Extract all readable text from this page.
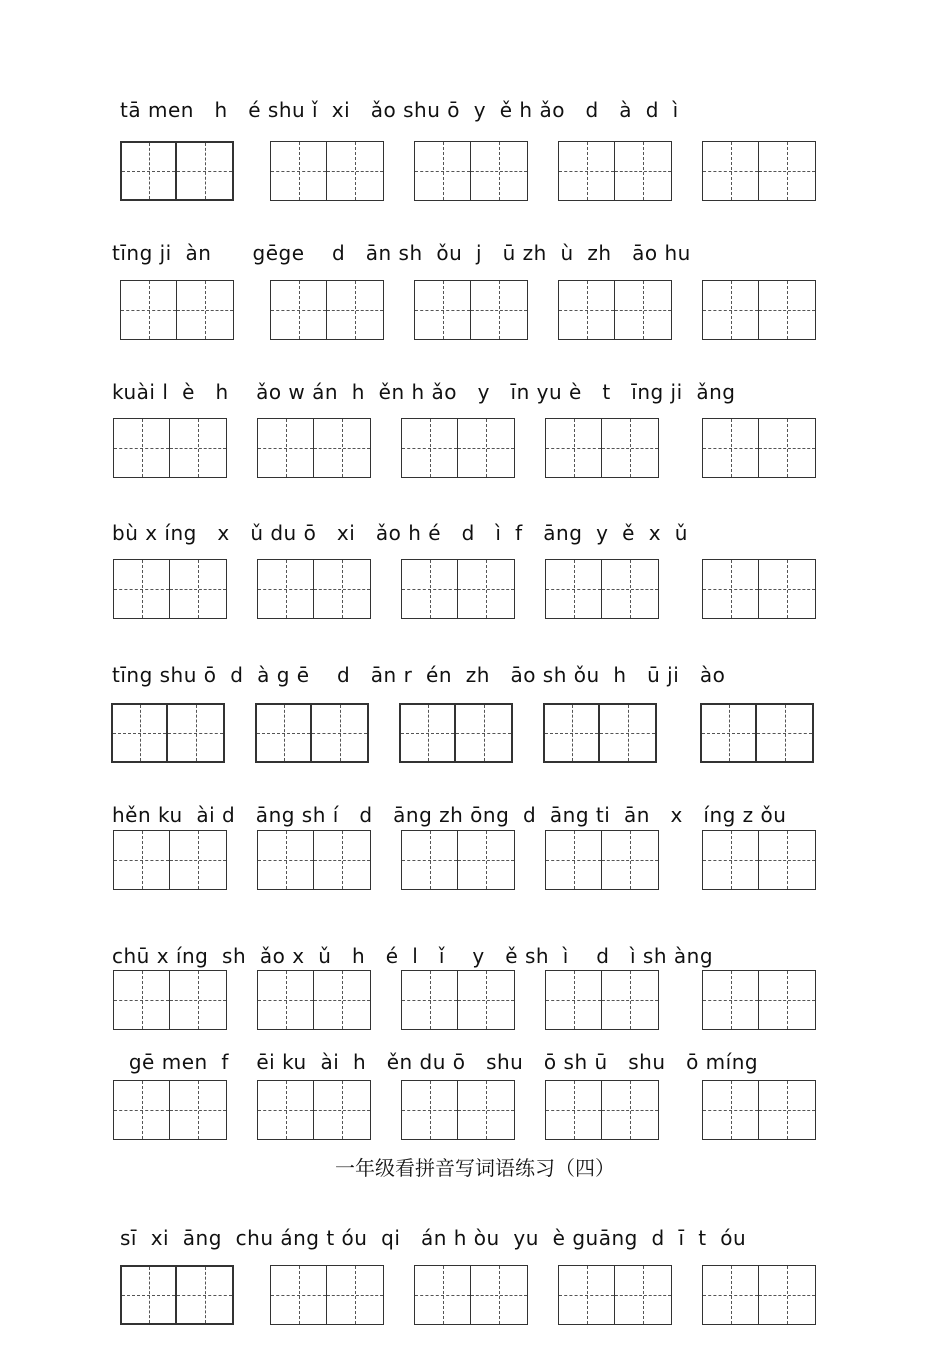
tā men   h   é shu ǐ  xi   ǎo shu ō  y  ě h ǎo   d   à  d  ì
tīng ji  àn      gēge    d   ān sh  ǒu  j   ū zh  ù  zh   āo hu
kuài l  è   h    ǎo w án  h  ěn h ǎo   y   īn yu è   t   īng ji  ǎng
bù x íng   x   ǔ du ō   xi   ǎo h é   d   ì  f   āng  y  ě  x  ǔ
tīng shu ō  d  à g ē    d   ān r  én  zh   āo sh ǒu  h   ū ji   ào
hěn ku  ài d   āng sh í   d   āng zh ōng  d  āng ti  ān   x   íng z ǒu
chū x íng  sh  ǎo x  ǔ   h   é  l   ǐ    y   ě sh  ì    d   ì sh àng
gē men  f    ēi ku  ài  h   ěn du ō   shu   ō sh ū   shu   ō míng
一年级看拼音写词语练习（四）
sī  xi  āng  chu áng t óu  qi   án h òu  yu  è guāng  d  ī  t  óu
